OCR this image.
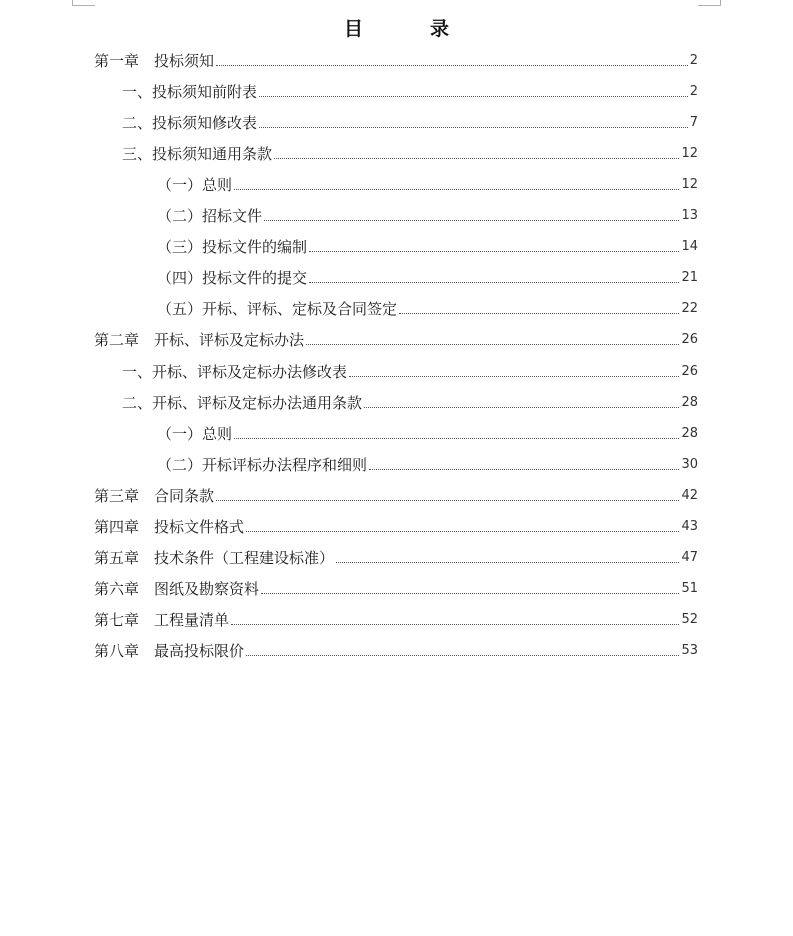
目　录
第一章　投标须知	2
一、投标须知前附表	2
二、投标须知修改表	7
三、投标须知通用条款	12
（一）总则	12
（二）招标文件	13
（三）投标文件的编制	14
（四）投标文件的提交	21
（五）开标、评标、定标及合同签定	22
第二章　开标、评标及定标办法	26
一、开标、评标及定标办法修改表	26
二、开标、评标及定标办法通用条款	28
（一）总则	28
（二）开标评标办法程序和细则	30
第三章　合同条款	42
第四章　投标文件格式	43
第五章　技术条件（工程建设标准）	47
第六章　图纸及勘察资料	51
第七章　工程量清单	52
第八章　最高投标限价	53
